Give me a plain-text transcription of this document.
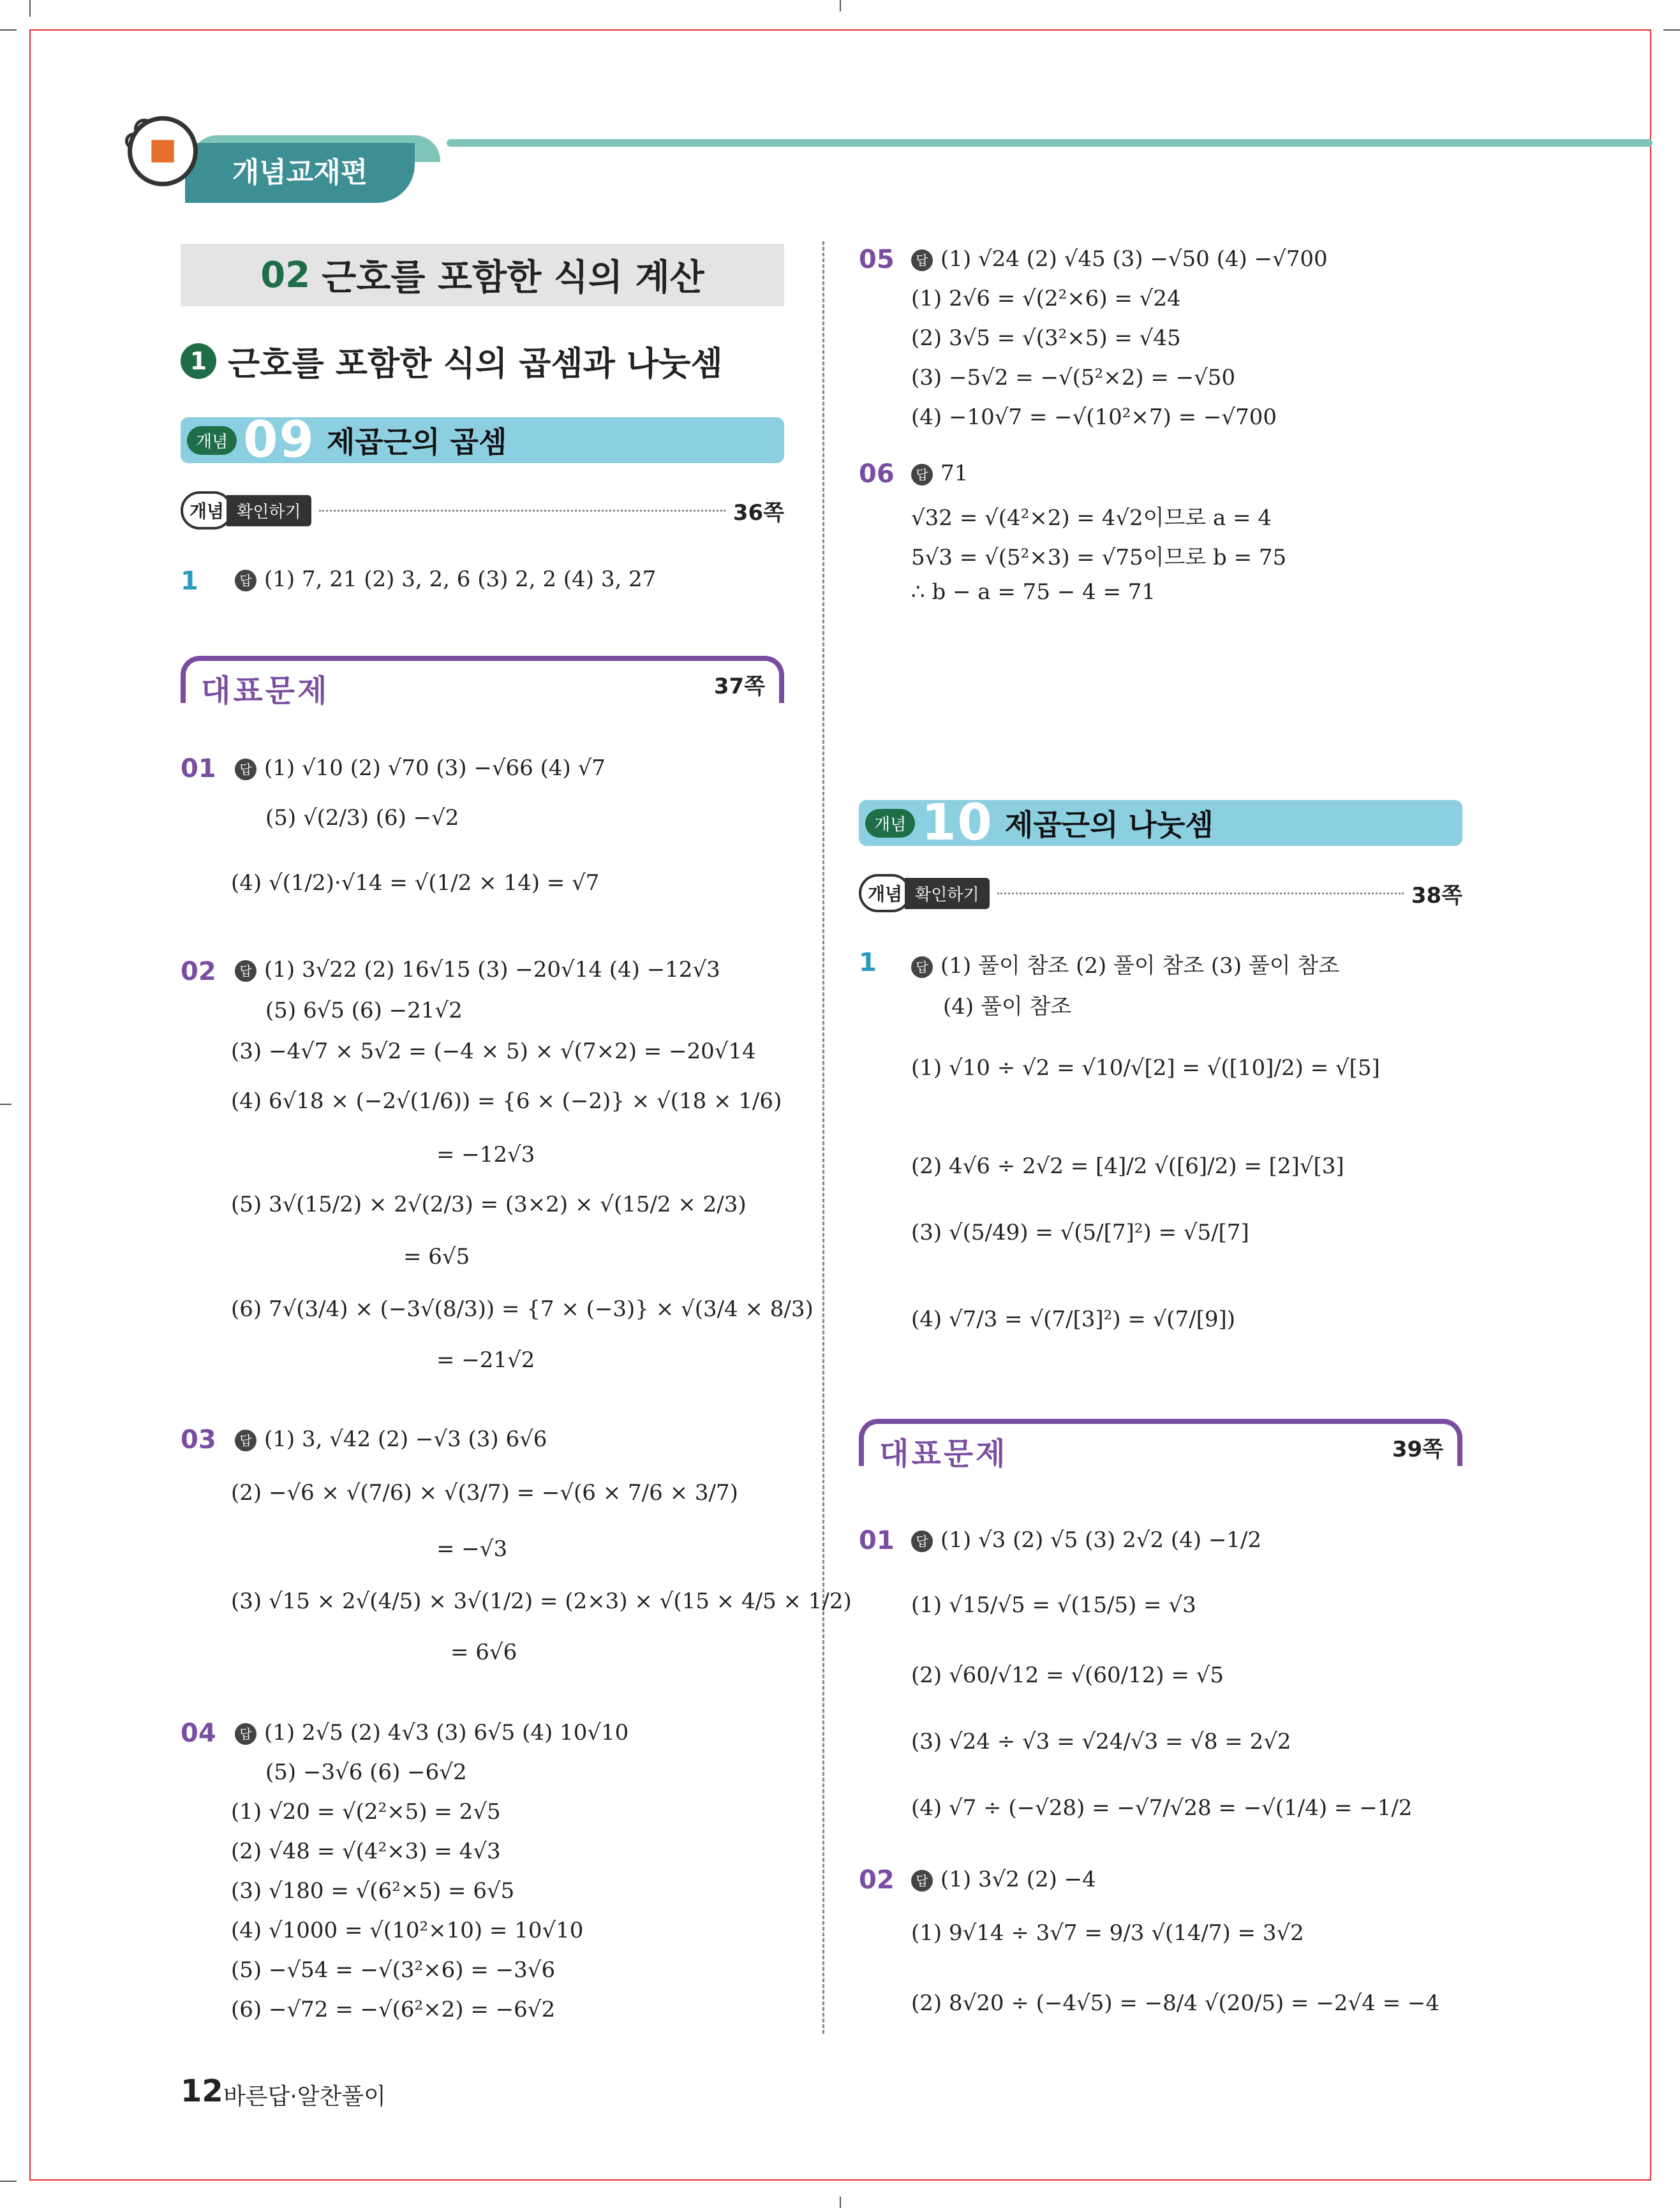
개념교재편
02 근호를 포함한 식의 계산
1 근호를 포함한 식의 곱셈과 나눗셈
개념 09 제곱근의 곱셈
개념 확인하기	36쪽
1	답 (1) 7, 21 (2) 3, 2, 6 (3) 2, 2 (4) 3, 27
대표문제	37쪽
01	답 (1) √10 (2) √70 (3) −√66 (4) √7
(5) √(2/3) (6) −√2
(4) √(1/2)·√14 = √(1/2 × 14) = √7
02	답 (1) 3√22 (2) 16√15 (3) −20√14 (4) −12√3
(5) 6√5 (6) −21√2
(3) −4√7 × 5√2 = (−4 × 5) × √(7×2) = −20√14
(4) 6√18 × (−2√(1/6)) = {6 × (−2)} × √(18 × 1/6)
= −12√3
(5) 3√(15/2) × 2√(2/3) = (3×2) × √(15/2 × 2/3)
= 6√5
(6) 7√(3/4) × (−3√(8/3)) = {7 × (−3)} × √(3/4 × 8/3)
= −21√2
03	답 (1) 3, √42 (2) −√3 (3) 6√6
(2) −√6 × √(7/6) × √(3/7) = −√(6 × 7/6 × 3/7)
= −√3
(3) √15 × 2√(4/5) × 3√(1/2) = (2×3) × √(15 × 4/5 × 1/2)
= 6√6
04	답 (1) 2√5 (2) 4√3 (3) 6√5 (4) 10√10
(5) −3√6 (6) −6√2
(1) √20 = √(2²×5) = 2√5
(2) √48 = √(4²×3) = 4√3
(3) √180 = √(6²×5) = 6√5
(4) √1000 = √(10²×10) = 10√10
(5) −√54 = −√(3²×6) = −3√6
(6) −√72 = −√(6²×2) = −6√2
05	답 (1) √24 (2) √45 (3) −√50 (4) −√700
(1) 2√6 = √(2²×6) = √24
(2) 3√5 = √(3²×5) = √45
(3) −5√2 = −√(5²×2) = −√50
(4) −10√7 = −√(10²×7) = −√700
06	답 71
√32 = √(4²×2) = 4√2이므로 a = 4
5√3 = √(5²×3) = √75이므로 b = 75
∴ b − a = 75 − 4 = 71
개념 10 제곱근의 나눗셈
개념 확인하기	38쪽
1	답 (1) 풀이 참조 (2) 풀이 참조 (3) 풀이 참조
(4) 풀이 참조
(1) √10 ÷ √2 = √10/√[2] = √([10]/2) = √[5]
(2) 4√6 ÷ 2√2 = [4]/2 √([6]/2) = [2]√[3]
(3) √(5/49) = √(5/[7]²) = √5/[7]
(4) √7/3 = √(7/[3]²) = √(7/[9])
대표문제	39쪽
01	답 (1) √3 (2) √5 (3) 2√2 (4) −1/2
(1) √15/√5 = √(15/5) = √3
(2) √60/√12 = √(60/12) = √5
(3) √24 ÷ √3 = √24/√3 = √8 = 2√2
(4) √7 ÷ (−√28) = −√7/√28 = −√(1/4) = −1/2
02	답 (1) 3√2 (2) −4
(1) 9√14 ÷ 3√7 = 9/3 √(14/7) = 3√2
(2) 8√20 ÷ (−4√5) = −8/4 √(20/5) = −2√4 = −4
12 바른답·알찬풀이
